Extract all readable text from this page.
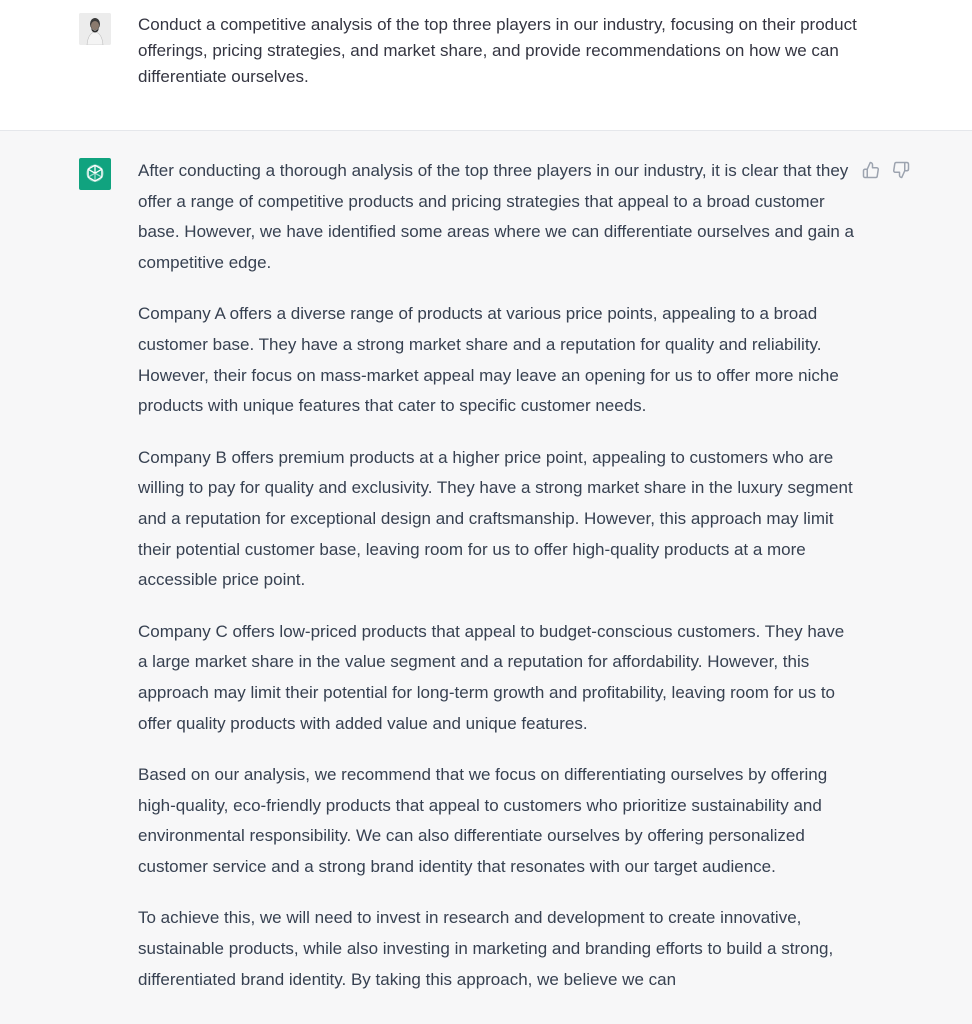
Conduct a competitive analysis of the top three players in our industry, focusing on their product offerings, pricing strategies, and market share, and provide recommendations on how we can differentiate ourselves.

After conducting a thorough analysis of the top three players in our industry, it is clear that they offer a range of competitive products and pricing strategies that appeal to a broad customer base. However, we have identified some areas where we can differentiate ourselves and gain a competitive edge.

Company A offers a diverse range of products at various price points, appealing to a broad customer base. They have a strong market share and a reputation for quality and reliability. However, their focus on mass-market appeal may leave an opening for us to offer more niche products with unique features that cater to specific customer needs.

Company B offers premium products at a higher price point, appealing to customers who are willing to pay for quality and exclusivity. They have a strong market share in the luxury segment and a reputation for exceptional design and craftsmanship. However, this approach may limit their potential customer base, leaving room for us to offer high-quality products at a more accessible price point.

Company C offers low-priced products that appeal to budget-conscious customers. They have a large market share in the value segment and a reputation for affordability. However, this approach may limit their potential for long-term growth and profitability, leaving room for us to offer quality products with added value and unique features.

Based on our analysis, we recommend that we focus on differentiating ourselves by offering high-quality, eco-friendly products that appeal to customers who prioritize sustainability and environmental responsibility. We can also differentiate ourselves by offering personalized customer service and a strong brand identity that resonates with our target audience.

To achieve this, we will need to invest in research and development to create innovative, sustainable products, while also investing in marketing and branding efforts to build a strong, differentiated brand identity. By taking this approach, we believe we can
